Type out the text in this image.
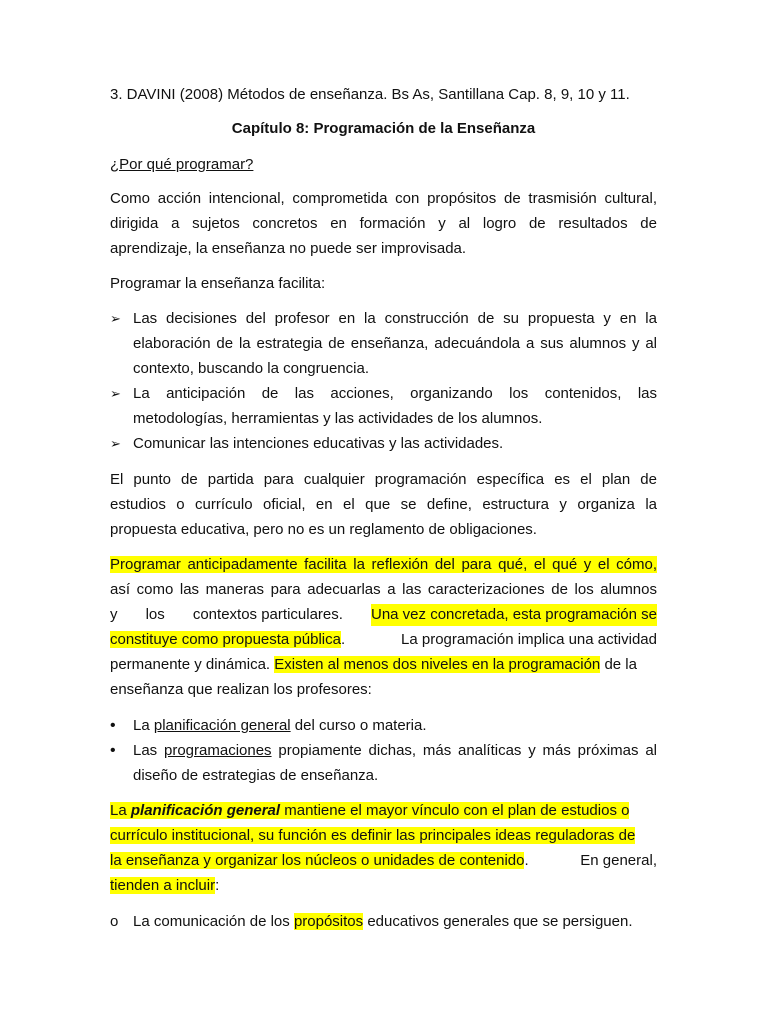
3. DAVINI (2008) Métodos de enseñanza. Bs As, Santillana Cap. 8, 9, 10 y 11.
Capítulo 8: Programación de la Enseñanza
¿Por qué programar?
Como acción intencional, comprometida con propósitos de trasmisión cultural,
dirigida a sujetos concretos en formación y al logro de resultados de
aprendizaje, la enseñanza no puede ser improvisada.
Programar la enseñanza facilita:
➢ Las decisiones del profesor en la construcción de su propuesta y en la
elaboración de la estrategia de enseñanza, adecuándola a sus alumnos y al
contexto, buscando la congruencia.
➢ La anticipación de las acciones, organizando los contenidos, las
metodologías, herramientas y las actividades de los alumnos.
➢ Comunicar las intenciones educativas y las actividades.
El punto de partida para cualquier programación específica es el plan de
estudios o currículo oficial, en el que se define, estructura y organiza la
propuesta educativa, pero no es un reglamento de obligaciones.
Programar anticipadamente facilita la reflexión del para qué, el qué y el cómo,
así como las maneras para adecuarlas a las caracterizaciones de los alumnos
y los contextos particulares. Una vez concretada, esta programación se
constituye como propuesta pública.	La programación implica una actividad
permanente y dinámica. Existen al menos dos niveles en la programación de la
enseñanza que realizan los profesores:
•	La planificación general del curso o materia.
•	Las programaciones propiamente dichas, más analíticas y más próximas al
diseño de estrategias de enseñanza.
La planificación general mantiene el mayor vínculo con el plan de estudios o
currículo institucional, su función es definir las principales ideas reguladoras de
la enseñanza y organizar los núcleos o unidades de contenido.	En general,
tienden a incluir:
o La comunicación de los propósitos educativos generales que se persiguen.
